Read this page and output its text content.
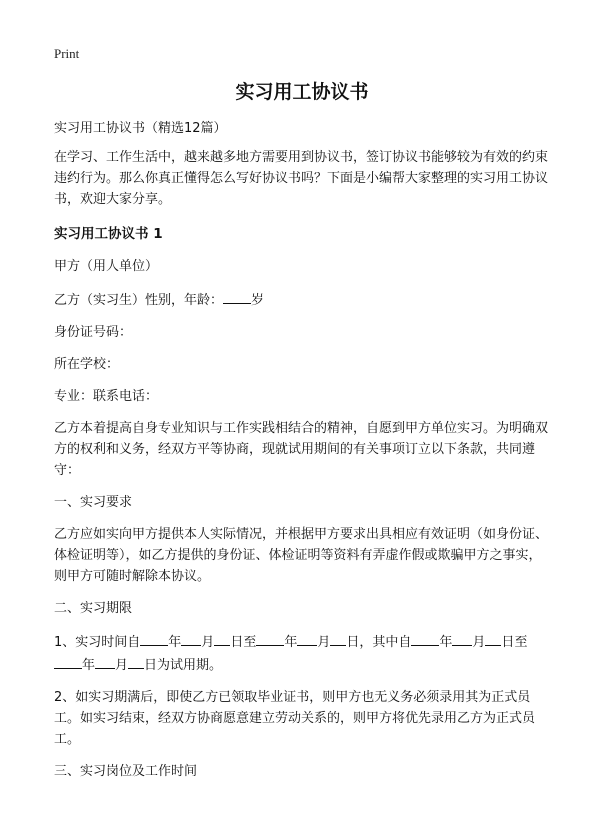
Print
实习用工协议书
实习用工协议书（精选12篇）
在学习、工作生活中，越来越多地方需要用到协议书，签订协议书能够较为有效的约束违约行为。那么你真正懂得怎么写好协议书吗？下面是小编帮大家整理的实习用工协议书，欢迎大家分享。
实习用工协议书 1
甲方（用人单位）
乙方（实习生）性别，年龄： 岁
身份证号码：
所在学校：
专业：联系电话：
乙方本着提高自身专业知识与工作实践相结合的精神，自愿到甲方单位实习。为明确双方的权利和义务，经双方平等协商，现就试用期间的有关事项订立以下条款，共同遵守：
一、实习要求
乙方应如实向甲方提供本人实际情况，并根据甲方要求出具相应有效证明（如身份证、体检证明等），如乙方提供的身份证、体检证明等资料有弄虚作假或欺骗甲方之事实，则甲方可随时解除本协议。
二、实习期限
1、实习时间自 年 月 日至 年 月 日，其中自 年 月 日至年 月 日为试用期。
2、如实习期满后，即使乙方已领取毕业证书，则甲方也无义务必须录用其为正式员工。如实习结束，经双方协商愿意建立劳动关系的，则甲方将优先录用乙方为正式员工。
三、实习岗位及工作时间
